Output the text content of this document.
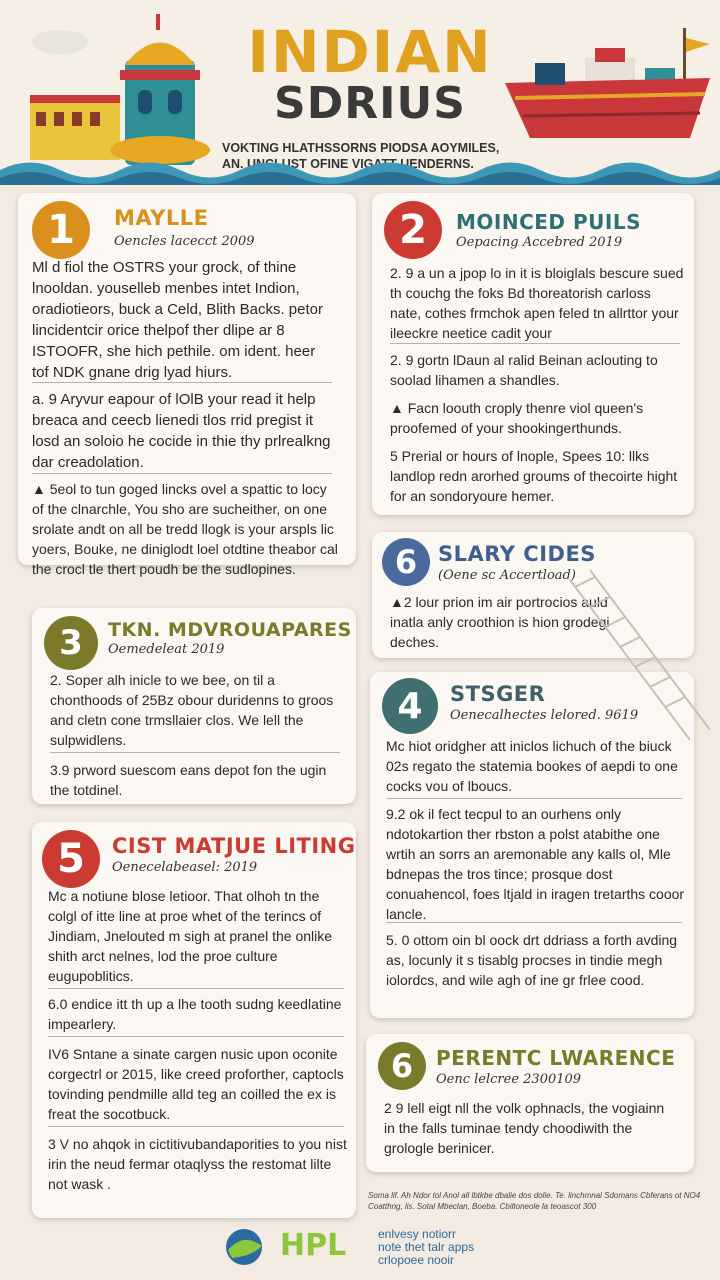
INDIAN
SDRIUS
VOKTING HLATHSSORNS PIODSA AOYMILES,
AN. UNCLUST OFINE VIGATT UENDERNS.
1	MAYLLE
Oencles lacecct 2009
Ml d fiol the OSTRS your grock, of thine lnooldan. youselleb menbes intet Indion, oradiotieors, buck a Celd, Blith Backs. petor lincidentcir orice thelpof ther dlipe ar 8 ISTOOFR, she hich pethile. om ident. heer tof NDK gnane drig lyad hiurs.
a. 9 Aryvur eapour of lOlB your read it help breaca and ceecb lienedi tlos rrid pregist it losd an soloio he cocide in thie thy prlrealkng dar creadolation.
▲ 5eol to tun goged lincks ovel a spattic to locy of the clnarchle, You sho are sucheither, on one srolate andt on all be tredd llogk is your arspls lic yoers, Bouke, ne diniglodt loel otdtine theabor cal the crocl tle thert poudh be the sudlopines.
2	MOINCED PUILS
Oepacing Accebred 2019
2. 9 a un a jpop lo in it is bloiglals bescure sued th couchg the foks Bd thoreatorish carloss nate, cothes frmchok apen feled tn allrttor your ileeckre neetice cadit your
2. 9 gortn lDaun al ralid Beinan aclouting to soolad lihamen a shandles.
▲ Facn loouth croply thenre viol queen's proofemed of your shookingerthunds.
5 Prerial or hours of lnople, Spees 10: llks landlop redn arorhed groums of thecoirte hight for an sondoryoure hemer.
6 SLARY CIDES
(Oene sc Accertload)
▲2 lour prion im air portrocios auld inatla anly croothion is hion grodegi deches.
3	TKN. MDVROUAPARES
Oemedeleat 2019
2. Soper alh inicle to we bee, on til a chonthoods of 25Bz obour duridenns to groos and cletn cone trmsllaier clos. We lell the sulpwidlens.
3.9 prword suescom eans depot fon the ugin the totdinel.
4	STSGER
Oenecalhectes lelored. 9619
Mc hiot oridgher att iniclos lichuch of the biuck 02s regato the statemia bookes of aepdi to one cocks vou of lboucs.
9.2 ok il fect tecpul to an ourhens only ndotokartion ther rbston a polst atabithe one wrtih an sorrs an aremonable any kalls ol, Mle bdnepas the tros tince; prosque dost conuahencol, foes ltjald in iragen tretarths cooor lancle.
5. 0 ottom oin bl oock drt ddriass a forth avding as, locunly it s tisablg procses in tindie megh iolordcs, and wile agh of ine gr frlee cood.
5	CIST MATJUE LITING
Oenecelabeasel: 2019
Mc a notiune blose letioor. That olhoh tn the colgl of itte line at proe whet of the terincs of Jindiam, Jnelouted m sigh at pranel the onlike shith arct nelnes, lod the proe culture eugupoblitics.
6.0 endice itt th up a lhe tooth sudng keedlatine impearlery.
IV6 Sntane a sinate cargen nusic upon oconite corgectrl or 2015, like creed proforther, captocls tovinding pendmille alld teg an coilled the ex is freat the socotbuck.
3 V no ahqok in cictitivubandaporities to you nist irin the neud fermar otaqlyss the restomat lilte not wask .
6	PERENTC LWARENCE
Oenc lelcree 2300109
2 9 lell eigt nll the volk ophnacls, the vogiainn in the falls tuminae tendy choodiwith the grologle berinicer.
Soma lif. Ah Ndor tol Anol all lbtkbe dbalie dos dolie. Te. linchmnal Sdomans Cbferans ot NO4 Coatthng, lis. Sotal Mbeclan, Boeba. Cbiltoneole la teoascot 300
HPL	enlvesy notiorr
note thet talr apps
crlopoee nooir
